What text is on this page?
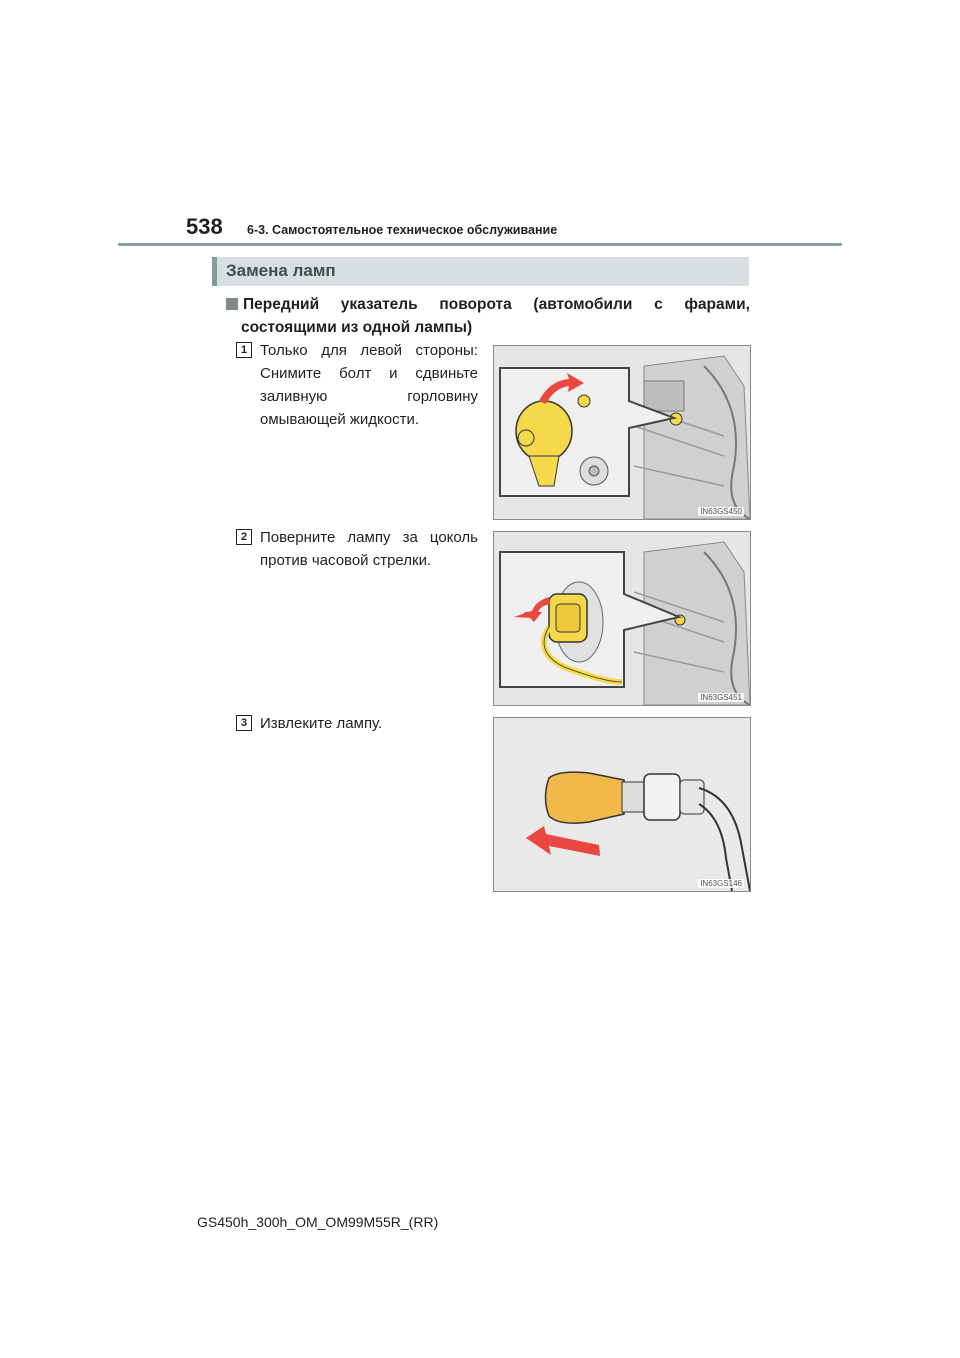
538 6-3. Самостоятельное техническое обслуживание
Замена ламп
Передний указатель поворота (автомобили с фарами,
состоящими из одной лампы)
1 Только для левой стороны: Снимите болт и сдвиньте заливную горловину омывающей жидкости.
IN63GS450
2 Поверните лампу за цоколь против часовой стрелки.
IN63GS451
3 Извлеките лампу.
IN63GS146
GS450h_300h_OM_OM99M55R_(RR)
